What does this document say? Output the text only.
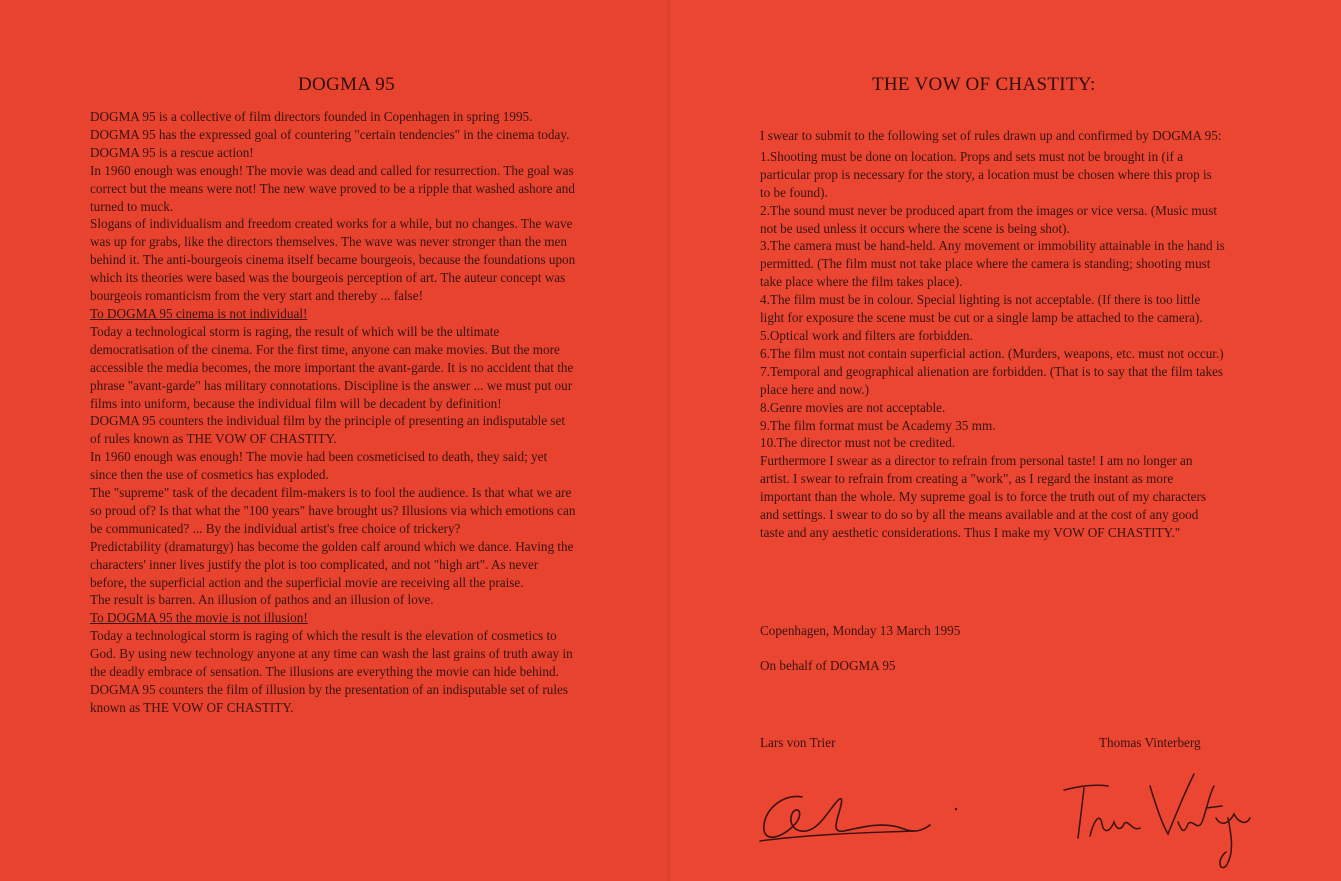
DOGMA 95

DOGMA 95 is a collective of film directors founded in Copenhagen in spring 1995.

DOGMA 95 has the expressed goal of countering "certain tendencies" in the cinema today.

DOGMA 95 is a rescue action!

In 1960 enough was enough! The movie was dead and called for resurrection. The goal was correct but the means were not! The new wave proved to be a ripple that washed ashore and turned to muck.

Slogans of individualism and freedom created works for a while, but no changes. The wave was up for grabs, like the directors themselves. The wave was never stronger than the men behind it. The anti-bourgeois cinema itself became bourgeois, because the foundations upon which its theories were based was the bourgeois perception of art. The auteur concept was bourgeois romanticism from the very start and thereby ... false!

To DOGMA 95 cinema is not individual!

Today a technological storm is raging, the result of which will be the ultimate democratisation of the cinema. For the first time, anyone can make movies. But the more accessible the media becomes, the more important the avant-garde. It is no accident that the phrase "avant-garde" has military connotations. Discipline is the answer ... we must put our films into uniform, because the individual film will be decadent by definition!

DOGMA 95 counters the individual film by the principle of presenting an indisputable set of rules known as THE VOW OF CHASTITY.

In 1960 enough was enough! The movie had been cosmeticised to death, they said; yet since then the use of cosmetics has exploded.

The "supreme" task of the decadent film-makers is to fool the audience. Is that what we are so proud of? Is that what the "100 years" have brought us? Illusions via which emotions can be communicated? ... By the individual artist's free choice of trickery?

Predictability (dramaturgy) has become the golden calf around which we dance. Having the characters' inner lives justify the plot is too complicated, and not "high art". As never before, the superficial action and the superficial movie are receiving all the praise.

The result is barren. An illusion of pathos and an illusion of love.

To DOGMA 95 the movie is not illusion!

Today a technological storm is raging of which the result is the elevation of cosmetics to God. By using new technology anyone at any time can wash the last grains of truth away in the deadly embrace of sensation. The illusions are everything the movie can hide behind.

DOGMA 95 counters the film of illusion by the presentation of an indisputable set of rules known as THE VOW OF CHASTITY.

THE VOW OF CHASTITY:

I swear to submit to the following set of rules drawn up and confirmed by DOGMA 95:

1.Shooting must be done on location. Props and sets must not be brought in (if a particular prop is necessary for the story, a location must be chosen where this prop is to be found).

2.The sound must never be produced apart from the images or vice versa. (Music must not be used unless it occurs where the scene is being shot).

3.The camera must be hand-held. Any movement or immobility attainable in the hand is permitted. (The film must not take place where the camera is standing; shooting must take place where the film takes place).

4.The film must be in colour. Special lighting is not acceptable. (If there is too little light for exposure the scene must be cut or a single lamp be attached to the camera).

5.Optical work and filters are forbidden.

6.The film must not contain superficial action. (Murders, weapons, etc. must not occur.)

7.Temporal and geographical alienation are forbidden. (That is to say that the film takes place here and now.)

8.Genre movies are not acceptable.

9.The film format must be Academy 35 mm.

10.The director must not be credited.

Furthermore I swear as a director to refrain from personal taste! I am no longer an artist. I swear to refrain from creating a "work", as I regard the instant as more important than the whole. My supreme goal is to force the truth out of my characters and settings. I swear to do so by all the means available and at the cost of any good taste and any aesthetic considerations. Thus I make my VOW OF CHASTITY."

Copenhagen, Monday 13 March 1995
On behalf of DOGMA 95
Lars von Trier	Thomas Vinterberg
